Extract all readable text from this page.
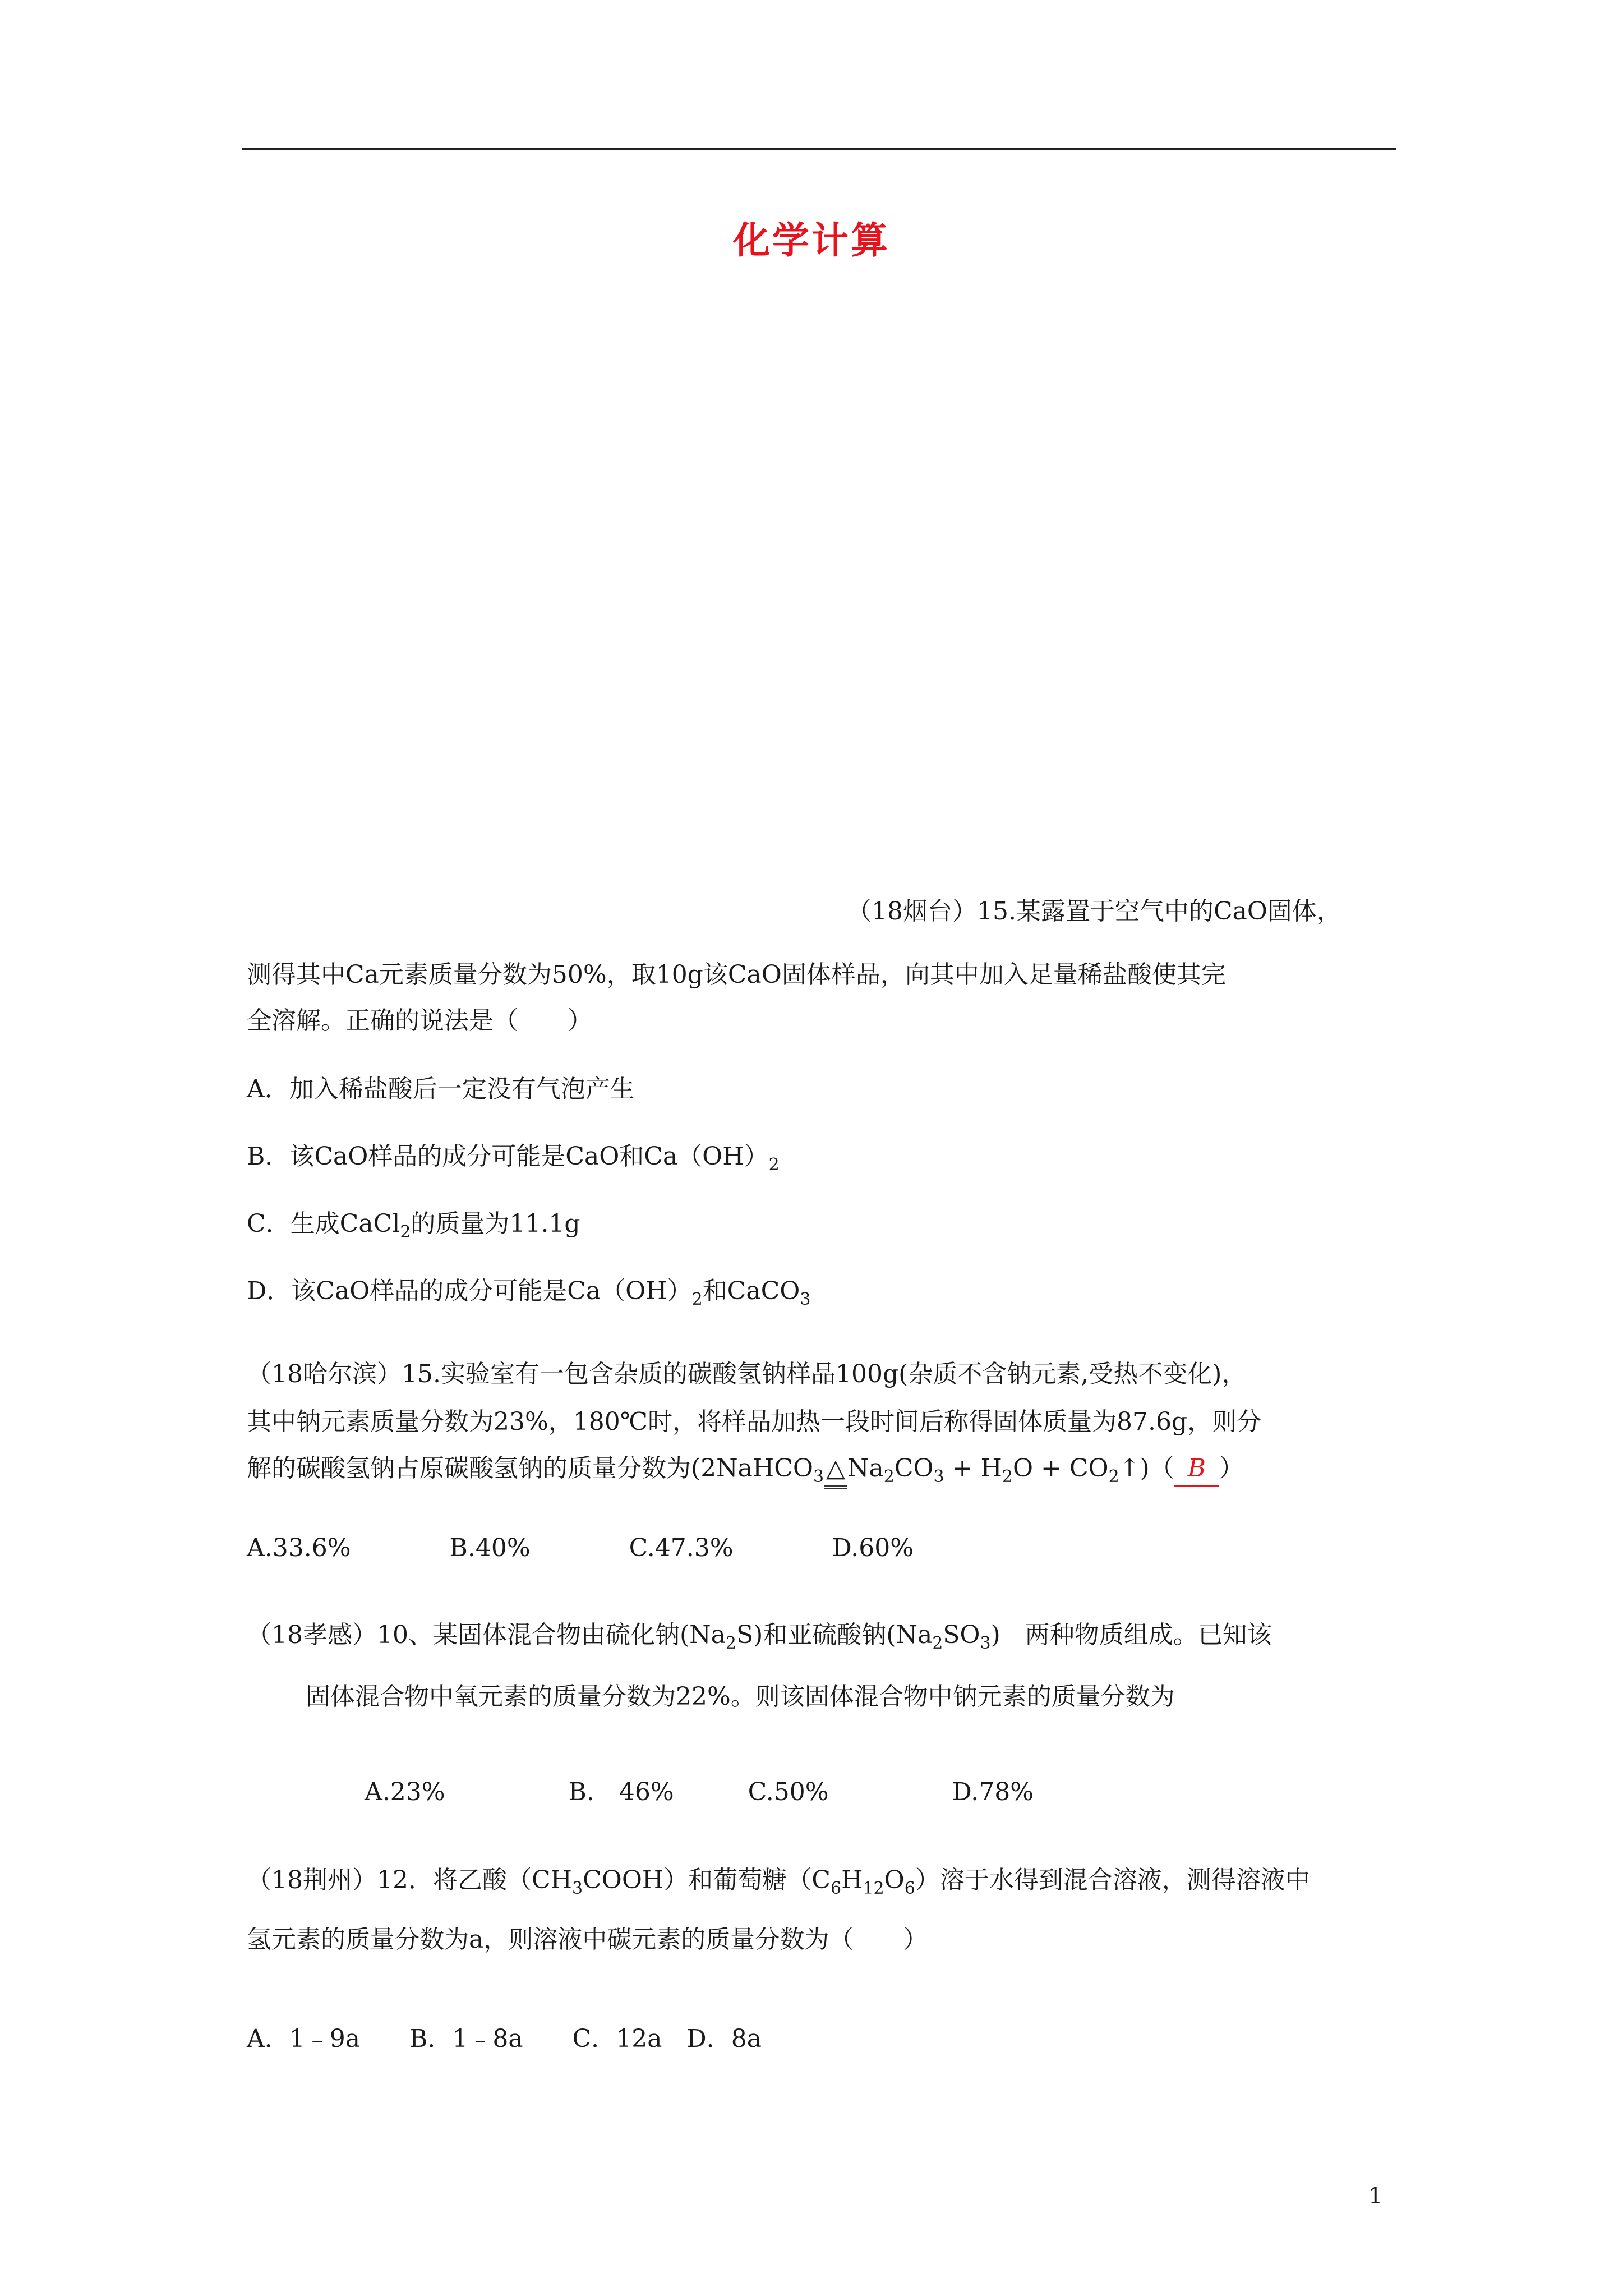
化学计算
（18烟台）15.某露置于空气中的CaO固体，
测得其中Ca元素质量分数为50%，取10g该CaO固体样品，向其中加入足量稀盐酸使其完
全溶解。正确的说法是（　　）
A．加入稀盐酸后一定没有气泡产生
B．该CaO样品的成分可能是CaO和$Ca(OH)_2$
C．生成CaCl$_2$的质量为11.1g
D．该CaO样品的成分可能是$Ca(OH)_2$和CaCO$_3$
（18哈尔滨）15.实验室有一包含杂质的碳酸氢钠样品100g(杂质不含钠元素,受热不变化)，
其中钠元素质量分数为23%，180℃时，将样品加热一段时间后称得固体质量为87.6g，则分
解的碳酸氢钠占原碳酸氢钠的质量分数为($2NaHCO_3\triangle Na_2CO_3 + H_2O$ + $CO_2↑$)（ B ）
A.33.6%　　　　B.40%　　　　C.47.3%　　　　D.60%
（18孝感）10、某固体混合物由硫化钠$(Na_2S)$和亚硫酸钠$(Na_2SO_3)$　两种物质组成。已知该
固体混合物中氧元素的质量分数为22%。则该固体混合物中钠元素的质量分数为
A.23%　　　　　B.　46%　　　C.50%　　　　　D.78%
（18荆州）12．将乙酸$(CH_3COOH)$和葡萄糖$(C_6H_{12}O_6)$溶于水得到混合溶液，测得溶液中
氢元素的质量分数为a，则溶液中碳元素的质量分数为（　　）
A．1﹣9a　　B．1﹣8a　　C．12a　D．8a
1
